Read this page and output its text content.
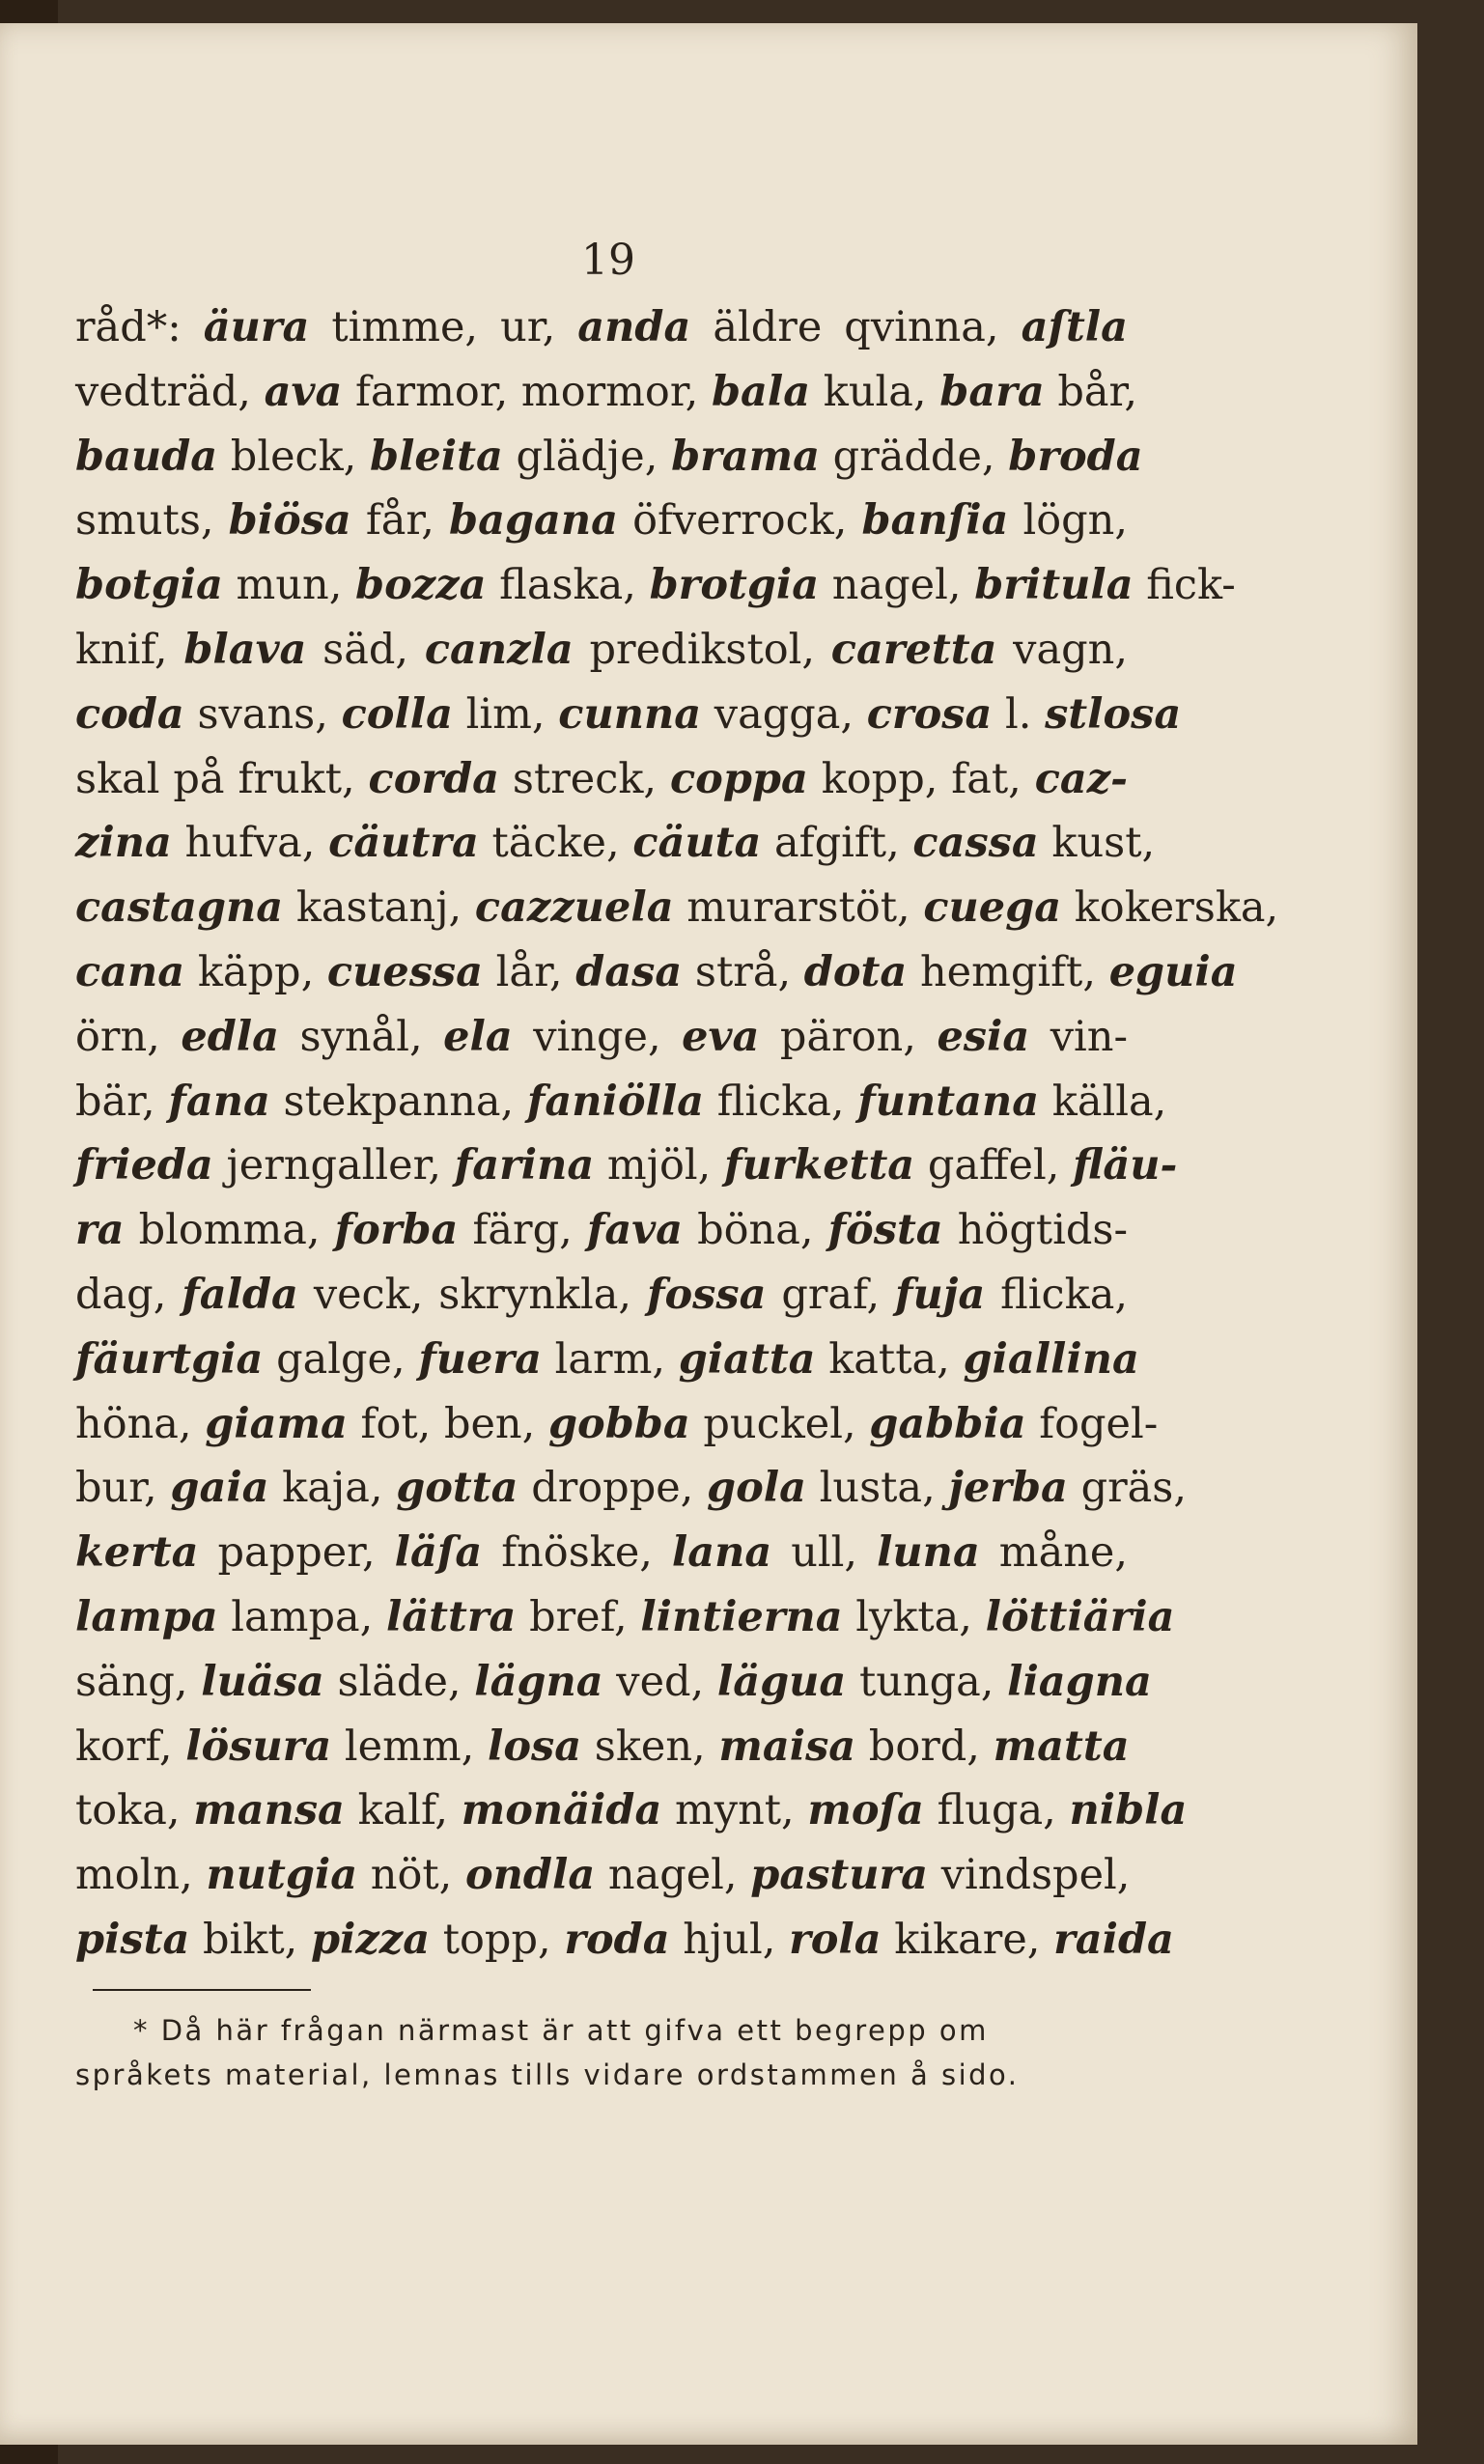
19
råd*: äura timme, ur, anda äldre qvinna, aſtla
vedträd, ava farmor, mormor, bala kula, bara bår,
bauda bleck, bleita glädje, brama grädde, broda
smuts, biösa får, bagana öfverrock, banſia lögn,
botgia mun, bozza flaska, brotgia nagel, britula fick-
knif, blava säd, canzla predikstol, caretta vagn,
coda svans, colla lim, cunna vagga, crosa l. stlosa
skal på frukt, corda streck, coppa kopp, fat, caz-
zina hufva, cäutra täcke, cäuta afgift, cassa kust,
castagna kastanj, cazzuela murarstöt, cuega kokerska,
cana käpp, cuessa lår, dasa strå, dota hemgift, eguia
örn, edla synål, ela vinge, eva päron, esia vin-
bär, fana stekpanna, faniölla flicka, funtana källa,
frieda jerngaller, farina mjöl, furketta gaffel, fläu-
ra blomma, forba färg, fava böna, fösta högtids-
dag, falda veck, skrynkla, fossa graf, fuja flicka,
fäurtgia galge, fuera larm, giatta katta, giallina
höna, giama fot, ben, gobba puckel, gabbia fogel-
bur, gaia kaja, gotta droppe, gola lusta, jerba gräs,
kerta papper, läſa fnöske, lana ull, luna måne,
lampa lampa, lättra bref, lintierna lykta, löttiäria
säng, luäsa släde, lägna ved, lägua tunga, liagna
korf, lösura lemm, losa sken, maisa bord, matta
toka, mansa kalf, monäida mynt, moſa fluga, nibla
moln, nutgia nöt, ondla nagel, pastura vindspel,
pista bikt, pizza topp, roda hjul, rola kikare, raida
* Då här frågan närmast är att gifva ett begrepp om
språkets material, lemnas tills vidare ordstammen å sido.
